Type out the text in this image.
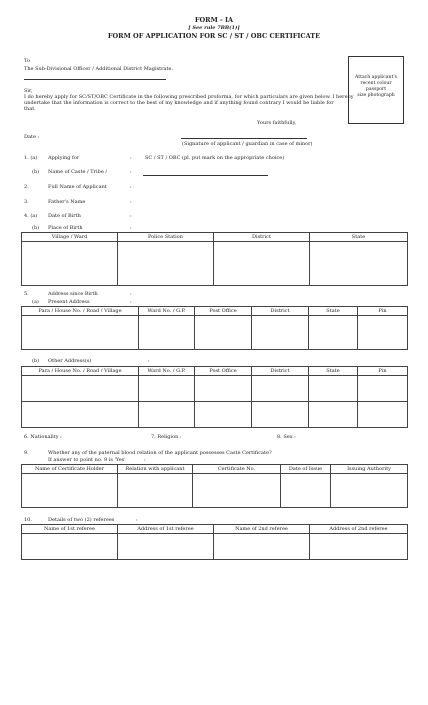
FORM - IA
[ See rule 7BB(1)]
FORM OF APPLICATION FOR SC / ST / OBC CERTIFICATE
Attach applicant's
recent colour
passport
size photograph
To
The Sub-Divisional Officer / Additional District Magistrate.
Sir,
I do hereby apply for SC/ST/OBC Certificate in the following prescribed proforma, for which particulars are given below. I hereby
undertake that the information is correct to the best of my knowledge and if anything found contrary I would be liable for
that.
Yours faithfully,
Date :
(Signature of applicant / guardian in case of minor)
1. (a) Applying for	:	SC / ST / OBC (pl. put mark on the appropriate choice)
(b) Name of Caste / Tribe /	:
2.	Full Name of Applicant	:
3.	Father's Name	:
4. (a) Date of Birth	:
(b) Place of Birth	:
Village / Ward	Police Station	District	State

5.	Address since Birth	:
(a) Present Address	:
Para / House No. / Road / Village	Ward No. / G.P.	Post Office	District	State	Pin

(b) Other Address(s)	:
Para / House No. / Road / Village	Ward No. / G.P.	Post Office	District	State	Pin

6. Nationality :	7. Religion :	8. Sex :
9.	Whether any of the paternal blood relation of the applicant possesses Caste Certificate?
If answer to point no. 9 is 'Yes'	:
Name of Certificate Holder	Relation with applicant	Certificate No.	Date of Issue	Issuing Authority

10.	Details of two (2) referees	:
Name of 1st referee	Address of 1st referee	Name of 2nd referee	Address of 2nd referee
